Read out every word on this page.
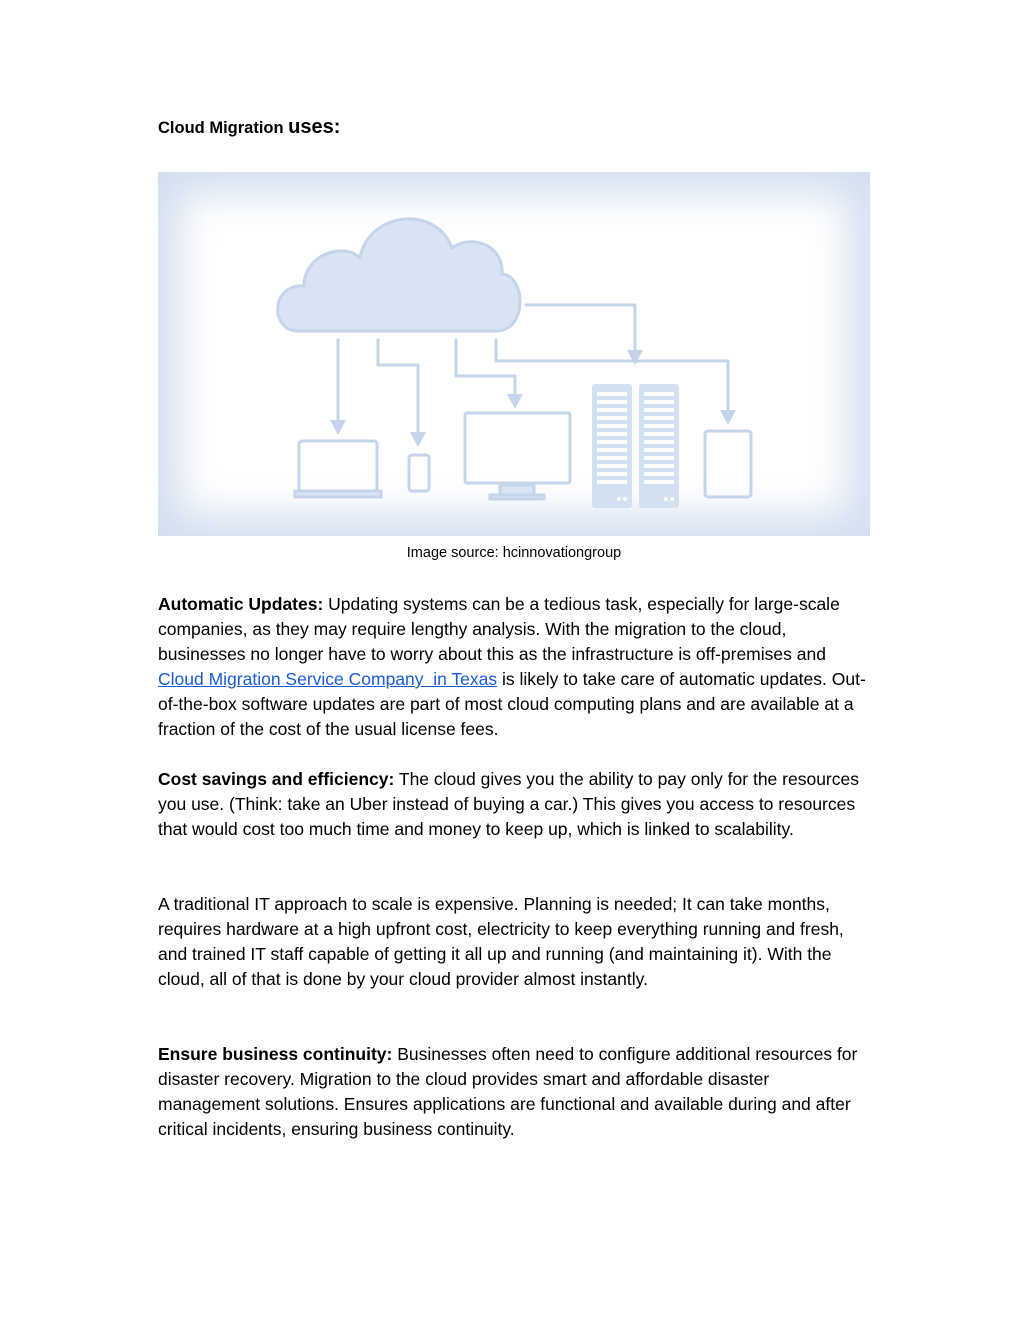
Cloud Migration uses:
Image source: hcinnovationgroup

Automatic Updates: Updating systems can be a tedious task, especially for large-scale companies, as they may require lengthy analysis. With the migration to the cloud, businesses no longer have to worry about this as the infrastructure is off-premises and Cloud Migration Service Company  in Texas is likely to take care of automatic updates. Out-of-the-box software updates are part of most cloud computing plans and are available at a fraction of the cost of the usual license fees.

Cost savings and efficiency: The cloud gives you the ability to pay only for the resources you use. (Think: take an Uber instead of buying a car.) This gives you access to resources that would cost too much time and money to keep up, which is linked to scalability.

A traditional IT approach to scale is expensive. Planning is needed; It can take months, requires hardware at a high upfront cost, electricity to keep everything running and fresh, and trained IT staff capable of getting it all up and running (and maintaining it). With the cloud, all of that is done by your cloud provider almost instantly.

Ensure business continuity: Businesses often need to configure additional resources for disaster recovery. Migration to the cloud provides smart and affordable disaster management solutions. Ensures applications are functional and available during and after critical incidents, ensuring business continuity.
